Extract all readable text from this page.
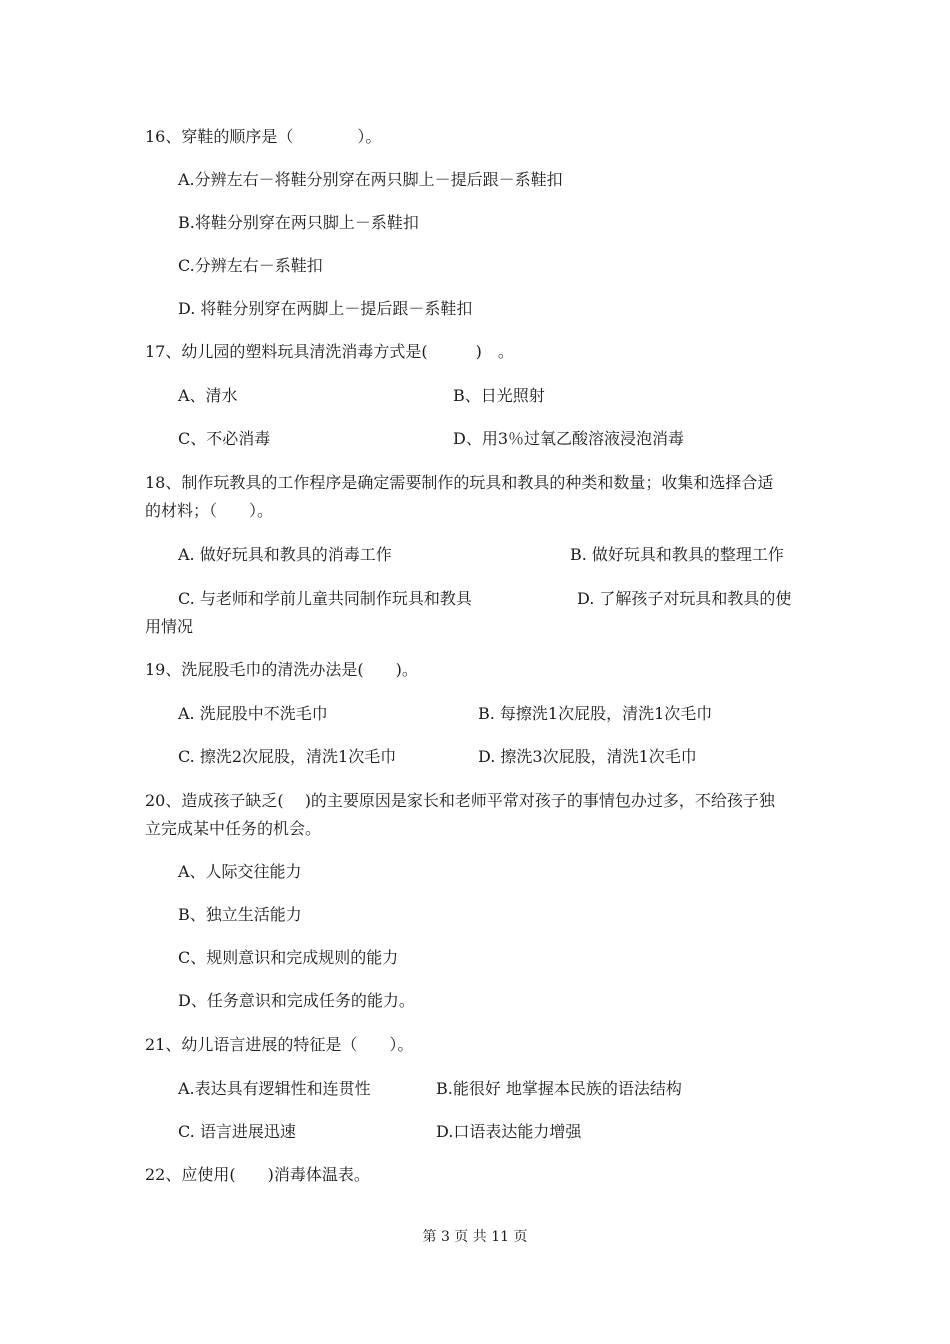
16、穿鞋的顺序是（　　　　）。
A.分辨左右－将鞋分别穿在两只脚上－提后跟－系鞋扣
B.将鞋分别穿在两只脚上－系鞋扣
C.分辨左右－系鞋扣
D. 将鞋分别穿在两脚上－提后跟－系鞋扣
17、幼儿园的塑料玩具清洗消毒方式是(　　　)　。
A、清水	B、日光照射
C、不必消毒	D、用3％过氧乙酸溶液浸泡消毒
18、制作玩教具的工作程序是确定需要制作的玩具和教具的种类和数量；收集和选择合适
的材料；（　　）。
A. 做好玩具和教具的消毒工作	B. 做好玩具和教具的整理工作
C. 与老师和学前儿童共同制作玩具和教具	D. 了解孩子对玩具和教具的使
用情况
19、洗屁股毛巾的清洗办法是(　　)。
A. 洗屁股中不洗毛巾	B. 每擦洗1次屁股，清洗1次毛巾
C. 擦洗2次屁股，清洗1次毛巾	D. 擦洗3次屁股，清洗1次毛巾
20、造成孩子缺乏(　 )的主要原因是家长和老师平常对孩子的事情包办过多，不给孩子独
立完成某中任务的机会。
A、人际交往能力
B、独立生活能力
C、规则意识和完成规则的能力
D、任务意识和完成任务的能力。
21、幼儿语言进展的特征是（　　）。
A.表达具有逻辑性和连贯性	B.能很好 地掌握本民族的语法结构
C. 语言进展迅速	D.口语表达能力增强
22、应使用(　　)消毒体温表。
第 3 页 共 11 页
